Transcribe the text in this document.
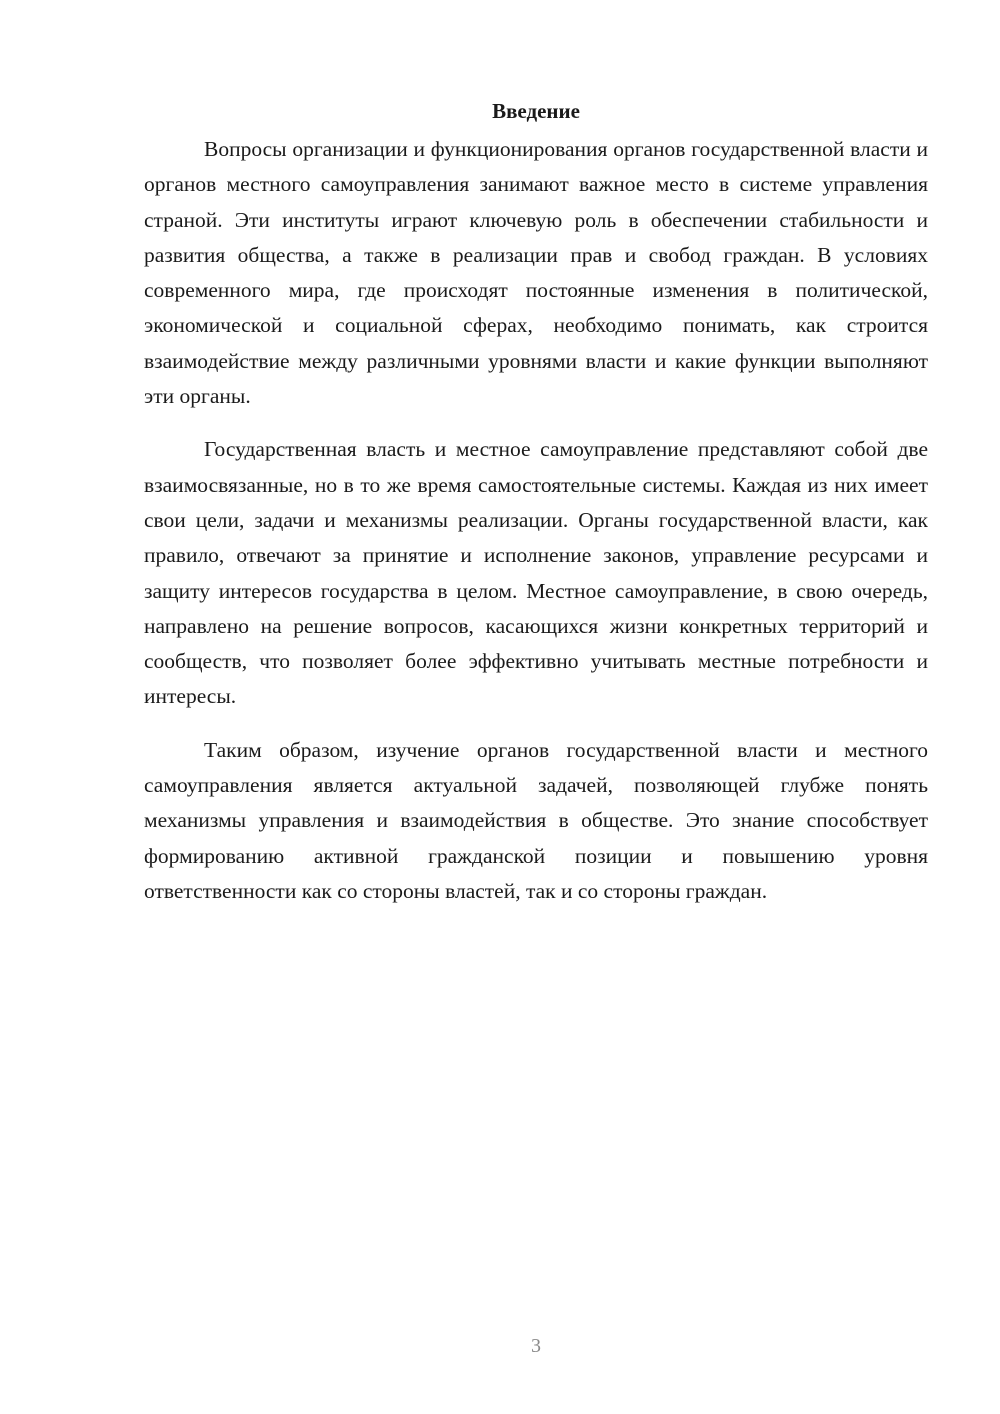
Введение

Вопросы организации и функционирования органов государственной власти и органов местного самоуправления занимают важное место в системе управления страной. Эти институты играют ключевую роль в обеспечении стабильности и развития общества, а также в реализации прав и свобод граждан. В условиях современного мира, где происходят постоянные изменения в политической, экономической и социальной сферах, необходимо понимать, как строится взаимодействие между различными уровнями власти и какие функции выполняют эти органы.

Государственная власть и местное самоуправление представляют собой две взаимосвязанные, но в то же время самостоятельные системы. Каждая из них имеет свои цели, задачи и механизмы реализации. Органы государственной власти, как правило, отвечают за принятие и исполнение законов, управление ресурсами и защиту интересов государства в целом. Местное самоуправление, в свою очередь, направлено на решение вопросов, касающихся жизни конкретных территорий и сообществ, что позволяет более эффективно учитывать местные потребности и интересы.

Таким образом, изучение органов государственной власти и местного самоуправления является актуальной задачей, позволяющей глубже понять механизмы управления и взаимодействия в обществе. Это знание способствует формированию активной гражданской позиции и повышению уровня ответственности как со стороны властей, так и со стороны граждан.

3
